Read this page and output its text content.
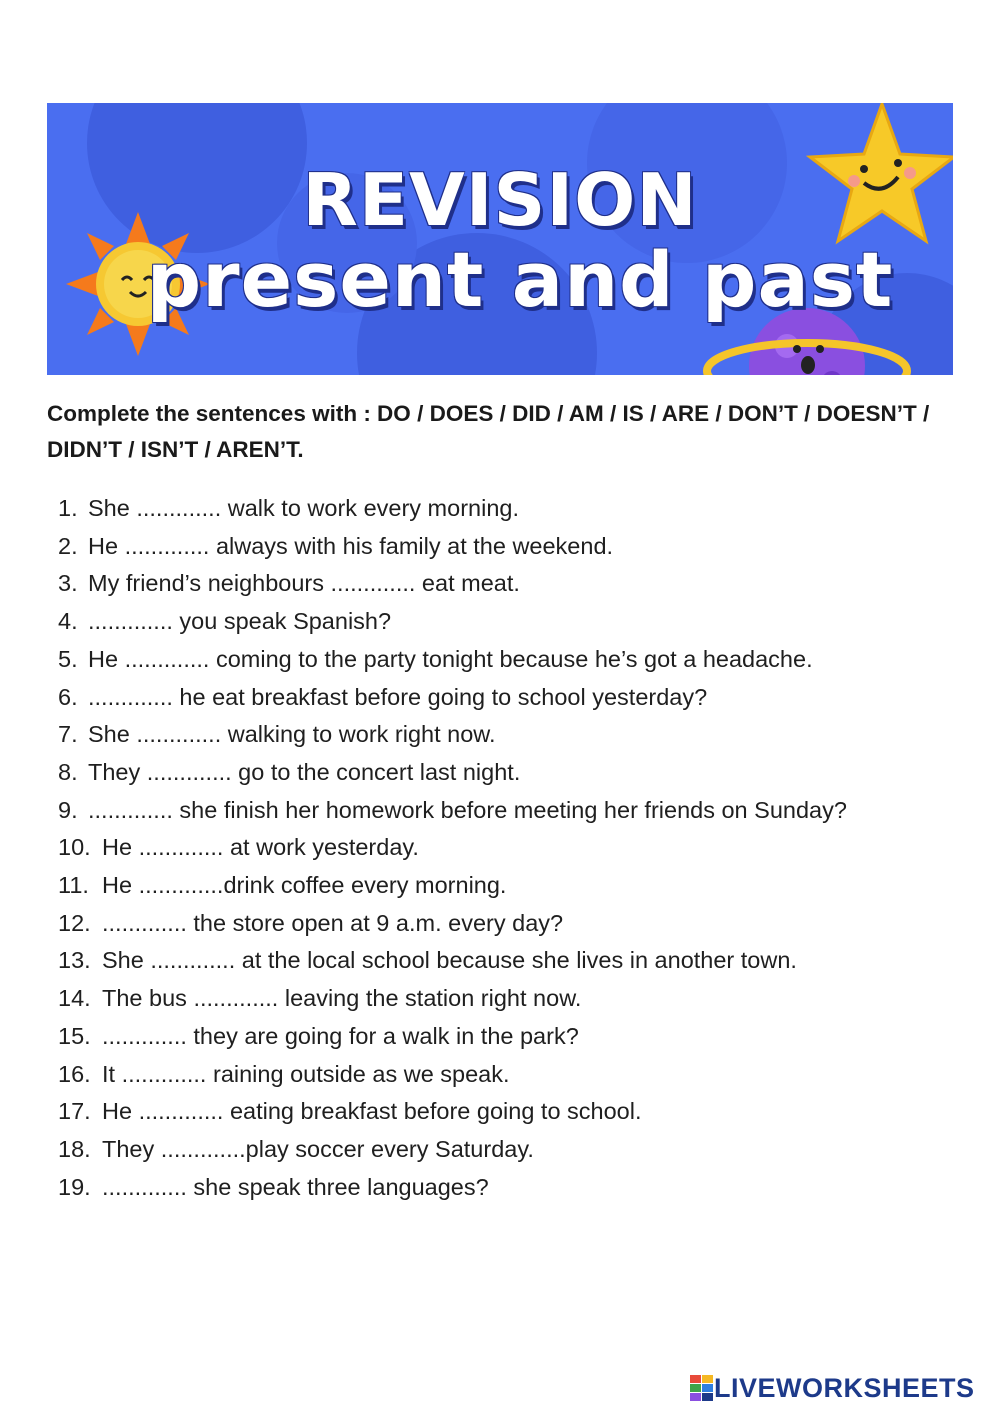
REVISION
present and past
Complete the sentences with : DO / DOES / DID / AM / IS / ARE / DON’T / DOESN’T / DIDN’T / ISN’T / AREN’T.
1. She ............. walk to work every morning.
2. He ............. always with his family at the weekend.
3. My friend’s neighbours ............. eat meat.
4. ............. you speak Spanish?
5. He ............. coming to the party tonight because he’s got a headache.
6. ............. he eat breakfast before going to school yesterday?
7. She ............. walking to work right now.
8. They ............. go to the concert last night.
9. ............. she finish her homework before meeting her friends on Sunday?
10. He ............. at work yesterday.
11. He .............drink coffee every morning.
12. ............. the store open at 9 a.m. every day?
13. She ............. at the local school because she lives in another town.
14. The bus ............. leaving the station right now.
15. ............. they are going for a walk in the park?
16. It ............. raining outside as we speak.
17. He ............. eating breakfast before going to school.
18. They .............play soccer every Saturday.
19. ............. she speak three languages?
LIVEWORKSHEETS
